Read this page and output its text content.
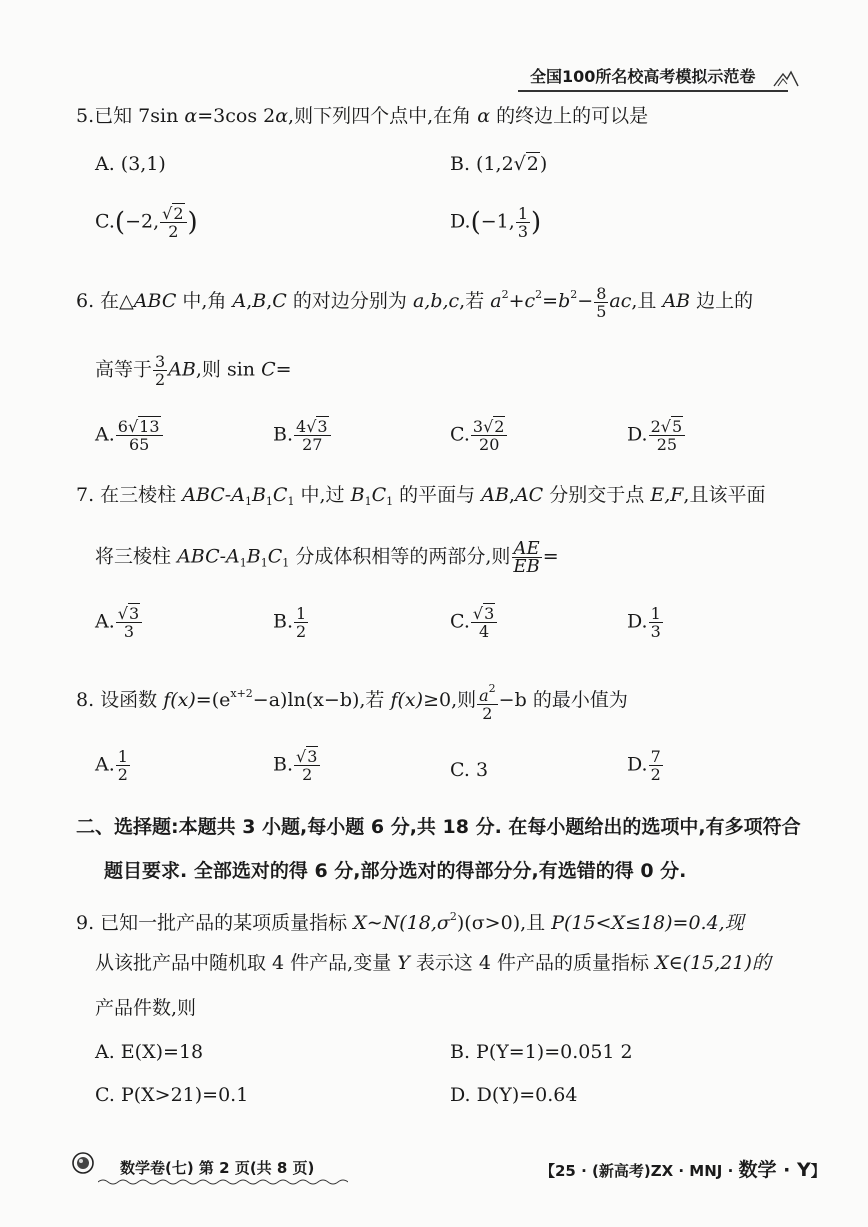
全国100所名校高考模拟示范卷
5.已知 7sin α=3cos 2α,则下列四个点中,在角 α 的终边上的可以是
A. (3,1)	B. (1,2√2)
C.(−2, $\frac{√2}{2}$ )	D.(−1, $\frac{1}{3}$ )
6. 在△ABC 中,角 A,B,C 的对边分别为 a,b,c,若 $a^2+c^2=b^2- \frac{8}{5}$ ac,且 AB 边上的
高等于 $\frac{3}{2}$ AB,则 sin C=
A. $\frac{6√13}{65}$	B. $\frac{4√3}{27}$	C. $\frac{3√2}{20}$	D. $\frac{2√5}{25}$
7. 在三棱柱 ABC-$A_1B_1C_1$ 中,过 $B_1C_1$ 的平面与 AB,AC 分别交于点 E,F,且该平面
将三棱柱 ABC-$A_1B_1C_1$ 分成体积相等的两部分,则 $\frac{AE}{EB}$ =
A. $\frac{√3}{3}$	B. $\frac{1}{2}$	C. $\frac{√3}{4}$	D. $\frac{1}{3}$
8. 设函数 $f(x)=(e^{x+2}-a)\ln(x-b)$,若 f(x)≥0,则 $\frac{a^2}{2} -b$ 的最小值为
A. $\frac{1}{2}$	B. $\frac{√3}{2}$	C. 3	D. $\frac{7}{2}$
二、选择题:本题共 3 小题,每小题 6 分,共 18 分. 在每小题给出的选项中,有多项符合
题目要求. 全部选对的得 6 分,部分选对的得部分分,有选错的得 0 分.
9. 已知一批产品的某项质量指标 $X\sim N(18,\sigma^2)(\sigma>0)$,且 P(15<X≤18)=0.4,现
从该批产品中随机取 4 件产品,变量 Y 表示这 4 件产品的质量指标 X∈(15,21)的
产品件数,则
A. E(X)=18	B. P(Y=1)=0.051 2
C. P(X>21)=0.1	D. D(Y)=0.64
数学卷(七) 第 2 页(共 8 页)	【25 · (新高考)ZX · MNJ · 数学 · Y】
